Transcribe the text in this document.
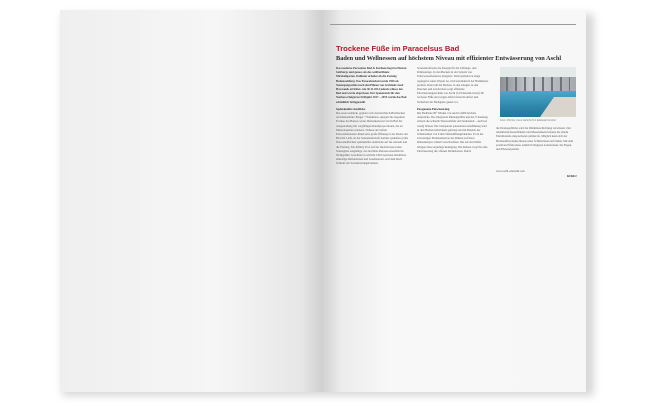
Trockene Füße im Paracelsus Bad
Baden und Wellnessen auf höchstem Niveau mit effizienter Entwässerung von Aschl
Das moderne Paracelsus Bad & Kurhaus liegt im Herzen Salzburgs und genoss als das weltberühmte Mirabellgarten. Dahinter arbeitet als die Festung Hohensalzburg. Das Paracelsusbad wurde 1956 als Neuzugangsstätte nach den Plänen von Architekt Josef Hawranek errichtet. Am 30.11.2014 jedoch schloss das Bad und wurde abgerissen. Der Spatenstich für den Neubau erfolgte im Frühjahr 2017 – 2019 wurde das Bad schließlich fertiggestellt.
Spektakuläre Ausblicke
Das neue Gebäude, geplant vom österreichisch-Bremischen Architektenbüro Berger + Parkkinen, spiegelt die eleganten Formen des Hauses wider. Bemerkenswert ist im Bad die Ausgestaltung mit sorgfältigen Raumproportionen, die an Mineralquellen erinnern. Nahezu der befreit Panoramafenstern Raum eine große Öffnung in der Decke das Bad mit Licht. In der Saunalandschaft darüber genießen große Panoramaflächen spektakuläre Ausblicke auf die Altstadt und die Festung. Ein Infinity Pool auf der Dachterrasse laden Saunagäste ausgiebige, das herrliche Relaxen ebenfalls im Wohlgefühl. Geschützt in schlicht LED-Leuchten installierte einmalige Reflektionen und Lesematerial. Auf dem Dach befindet ein Sonnenrettungsbrunnen.
Sonnenkraftwerk die Energie für die Lüftungs- und Klimaanlage. In den Becken ist ein System von Unterwasserkameras integriert. Wenn jemand zu lange regungslos unter Wasser ist, wird automatisch der Badmeister gerufen. Rund um die Becken, in den Gängen zu den Duschen und Garderoben sorgt effiziente Entwässerungstechnik von Aschl (14 Edelstahl-Gitter) für trockene Füße und sorgen dafür Gästen Komfort und Sicherheit der Badegäste gehen vor.
Passgenaue Entwässerung
Die Badrinne 90° Winkel von Aschl erfüllt höchste Ansprüche. Das integrierte Rinnengefälle und die V-Kantung sichern die schnelle Wasserabfuhr und Sauberkeit – auch bei wenig Wasser. Die transparent patentierten Ausführung wird in drei Breiten individuell gefertigt und im Bereich der Schiebetüren von 6 mm Stufenlüftungsblenden. Trotz der schwierigen Einbausituation der Rinnen auf ihren Rinnenkörper schnell verschweißen. Die auf drei Maße bringen diese ergiebige Reinigung. Die Rinnen sorgt für eine Entwässerung der offenen Dichtebenen. Durch
Foto: ASCHL, bene bahnhof 14 Edelstahl GmbH
die Drainagefläche wird die Dämmbeschichtung verwässert. Der umlaufende Kieselbänder und Mauerankern können die einem Eintrittsstufe entsprechend optimal ab. Möglich kann sich der Bodenaufbau keine hinaus unter Schlitzrinnen auf bilden. Mit dem positiven Effekt einer erheblich längeren Lebensdauer des Fugen- und Fliesensystems.
www.aschl-edelstahl.com
KI360/2
